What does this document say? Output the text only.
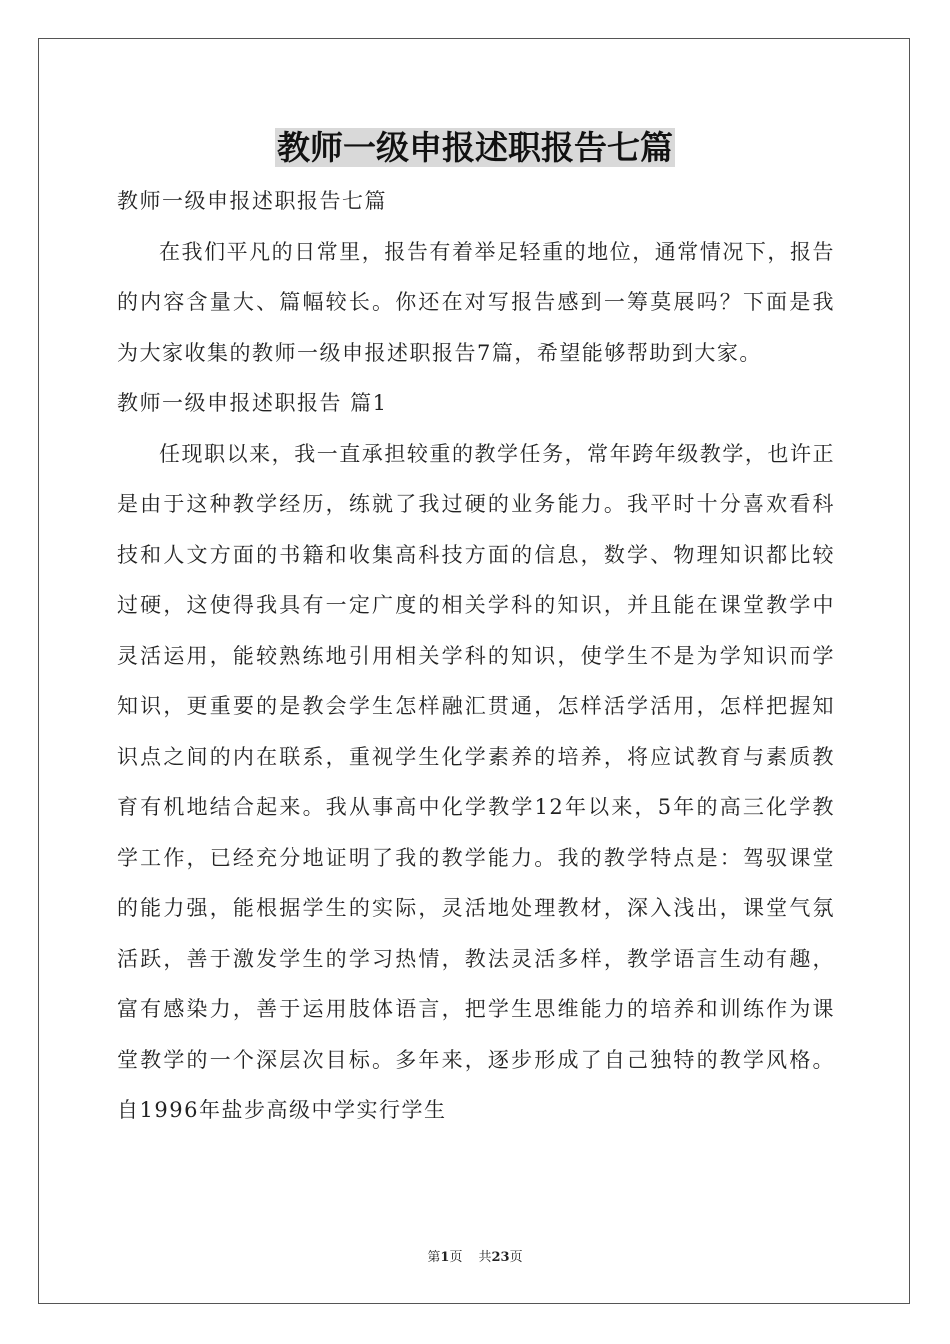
教师一级申报述职报告七篇

教师一级申报述职报告七篇

在我们平凡的日常里，报告有着举足轻重的地位，通常情况下，报告的内容含量大、篇幅较长。你还在对写报告感到一筹莫展吗？下面是我为大家收集的教师一级申报述职报告7篇，希望能够帮助到大家。

教师一级申报述职报告 篇1

任现职以来，我一直承担较重的教学任务，常年跨年级教学，也许正是由于这种教学经历，练就了我过硬的业务能力。我平时十分喜欢看科技和人文方面的书籍和收集高科技方面的信息，数学、物理知识都比较过硬，这使得我具有一定广度的相关学科的知识，并且能在课堂教学中灵活运用，能较熟练地引用相关学科的知识，使学生不是为学知识而学知识，更重要的是教会学生怎样融汇贯通，怎样活学活用，怎样把握知识点之间的内在联系，重视学生化学素养的培养，将应试教育与素质教育有机地结合起来。我从事高中化学教学12年以来，5年的高三化学教学工作，已经充分地证明了我的教学能力。我的教学特点是：驾驭课堂的能力强，能根据学生的实际，灵活地处理教材，深入浅出，课堂气氛活跃，善于激发学生的学习热情，教法灵活多样，教学语言生动有趣，富有感染力，善于运用肢体语言，把学生思维能力的培养和训练作为课堂教学的一个深层次目标。多年来，逐步形成了自己独特的教学风格。自1996年盐步高级中学实行学生

第1页 共23页
